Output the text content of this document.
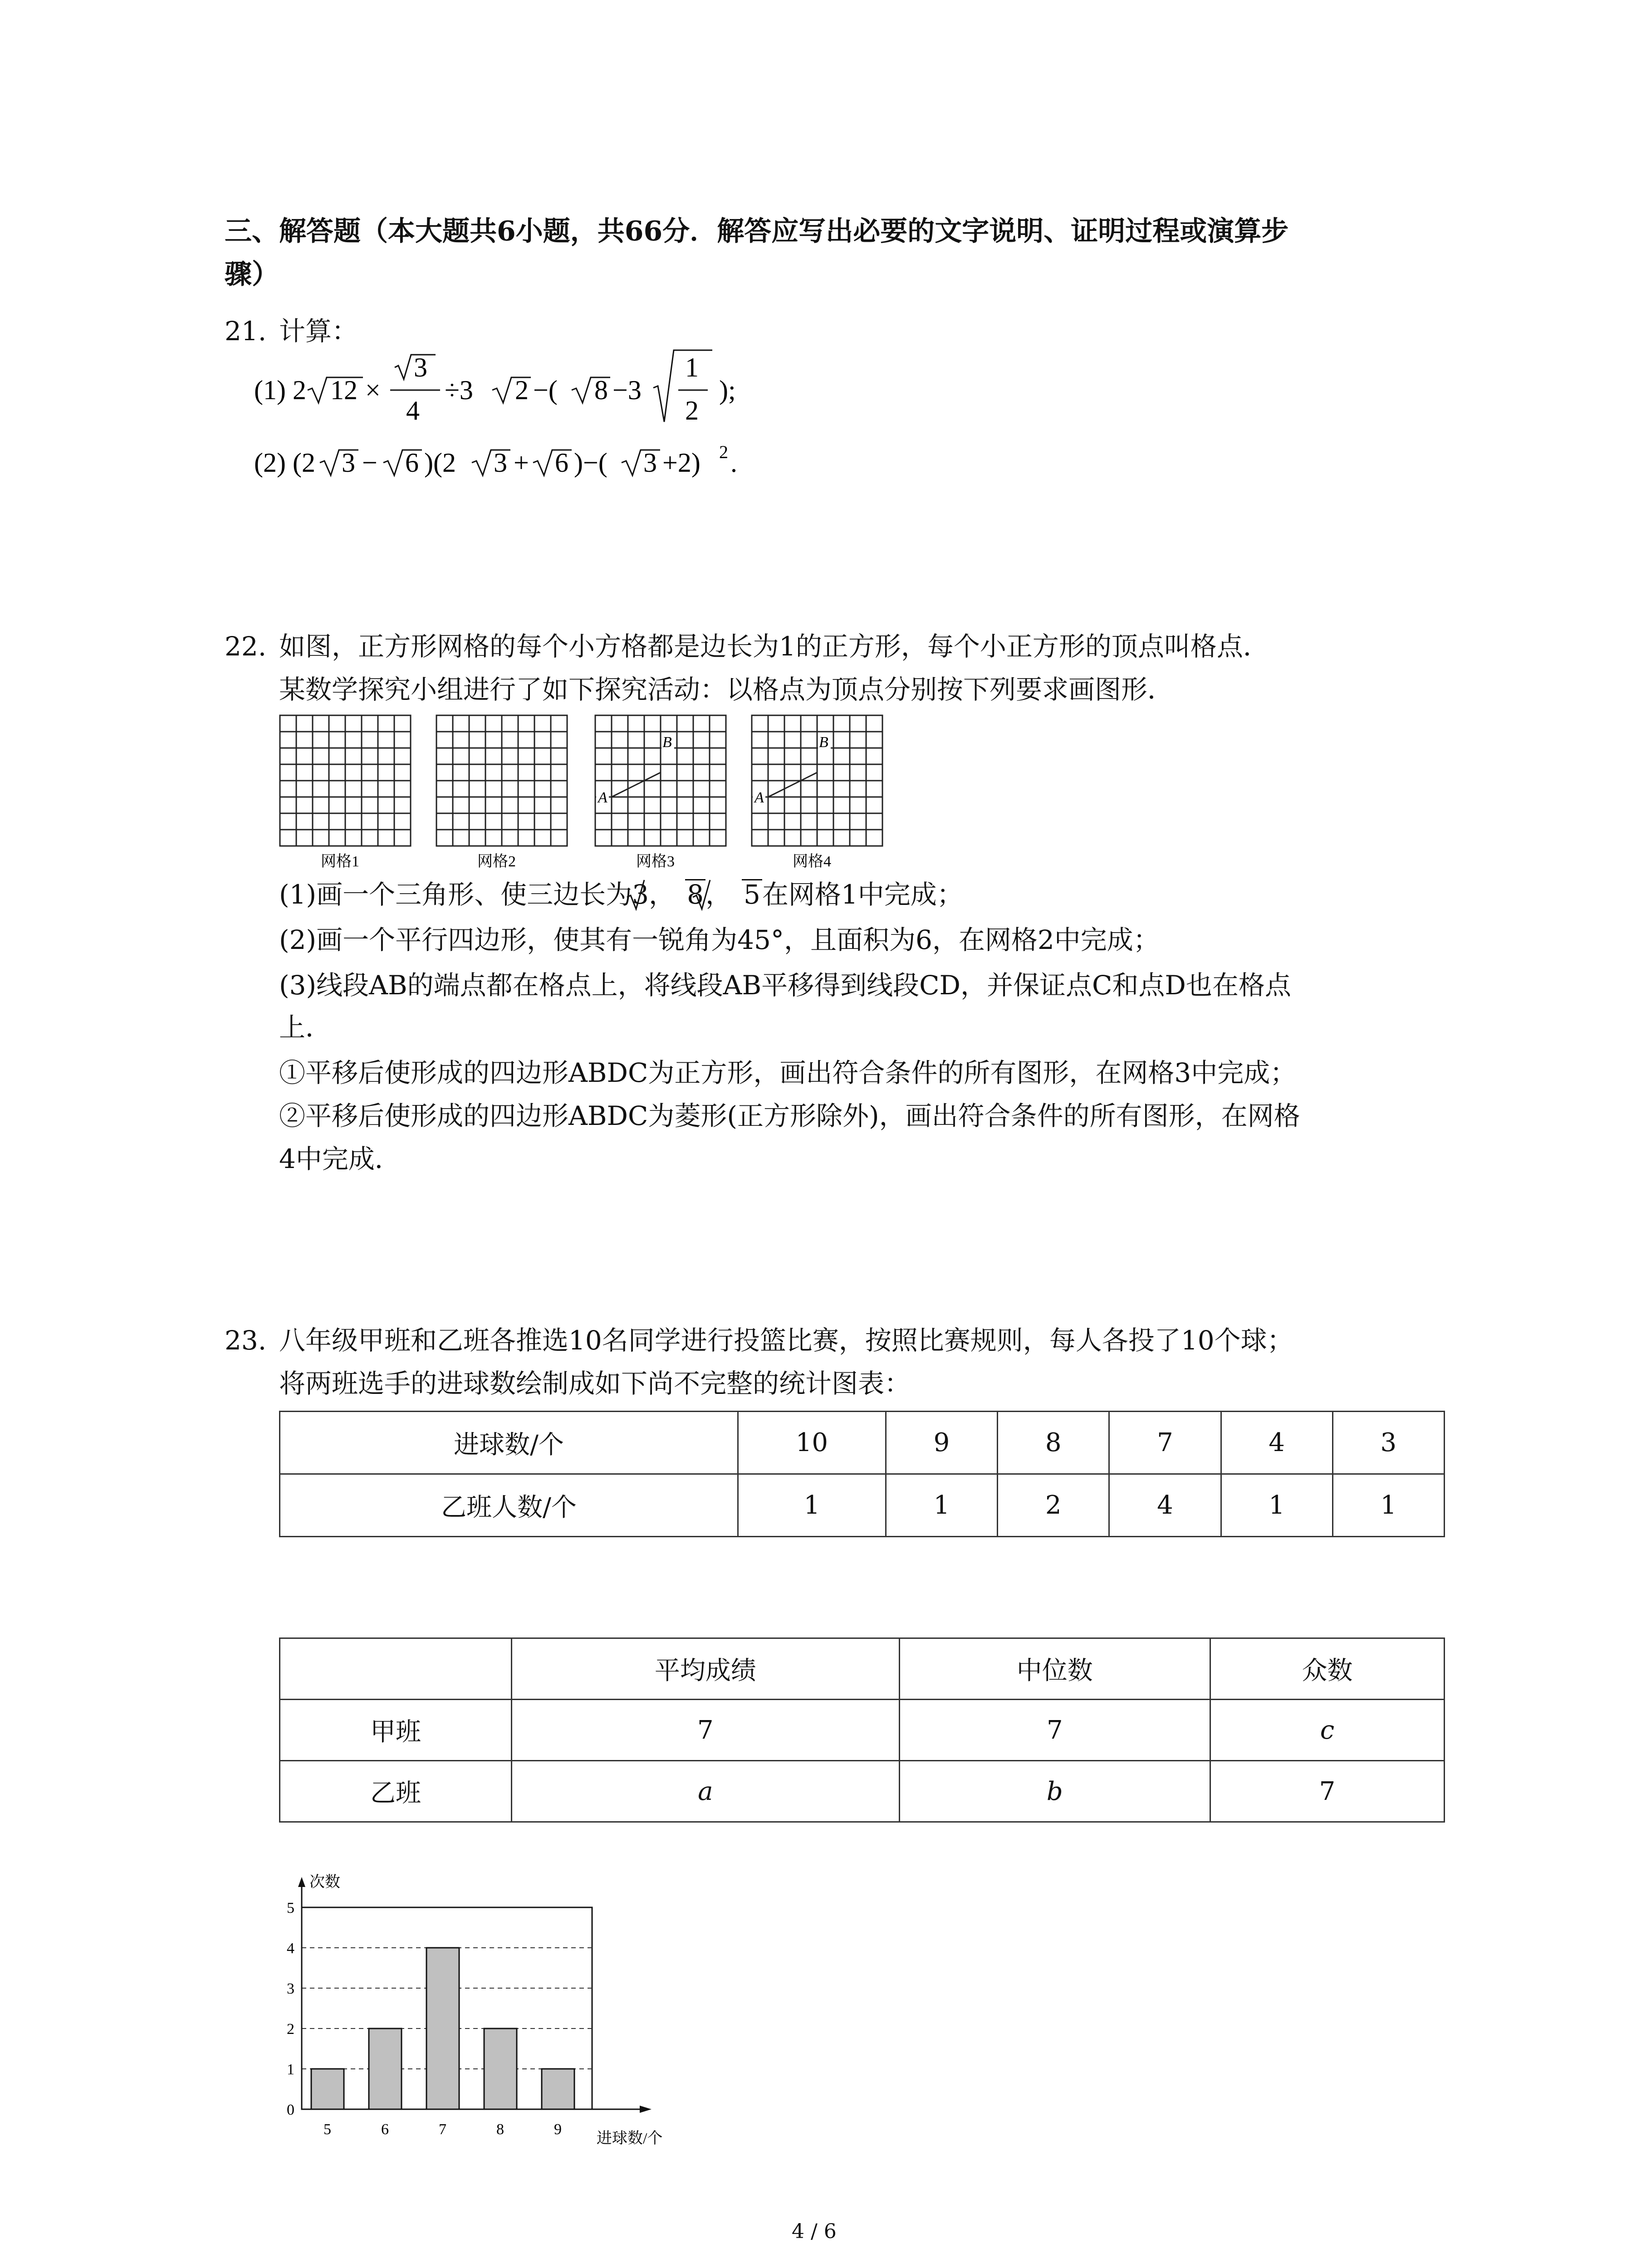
三、解答题（本大题共6小题，共66分．解答应写出必要的文字说明、证明过程或演算步
骤）
21. 计算：
(1) 2 12 ×
3
4
÷3 2 −( 8 −3
1
2
);
(2) (2 3 − 6 )(2 3 + 6 )−( 3 +2) 2 .
22. 如图，正方形网格的每个小方格都是边长为1的正方形，每个小正方形的顶点叫格点．
某数学探究小组进行了如下探究活动：以格点为顶点分别按下列要求画图形．
网格1	网格2
A
B
网格3
A
B
网格4
(1)画一个三角形、使三边长为3， 8， 5在网格1中完成；
(2)画一个平行四边形，使其有一锐角为45°，且面积为6，在网格2中完成；
(3)线段AB的端点都在格点上，将线段AB平移得到线段CD，并保证点C和点D也在格点
上．
①平移后使形成的四边形ABDC为正方形，画出符合条件的所有图形，在网格3中完成；
②平移后使形成的四边形ABDC为菱形(正方形除外)，画出符合条件的所有图形，在网格
4中完成．
23. 八年级甲班和乙班各推选10名同学进行投篮比赛，按照比赛规则，每人各投了10个球；
将两班选手的进球数绘制成如下尚不完整的统计图表：
进球数/个	10	9	8	7	4	3
乙班人数/个	1	1	2	4	1	1
	平均成绩	中位数	众数
甲班	7	7	c
乙班	a	b	7
0
1
2
3
4
5
5	6	7	8	9
次数
进球数/个
4 / 6
